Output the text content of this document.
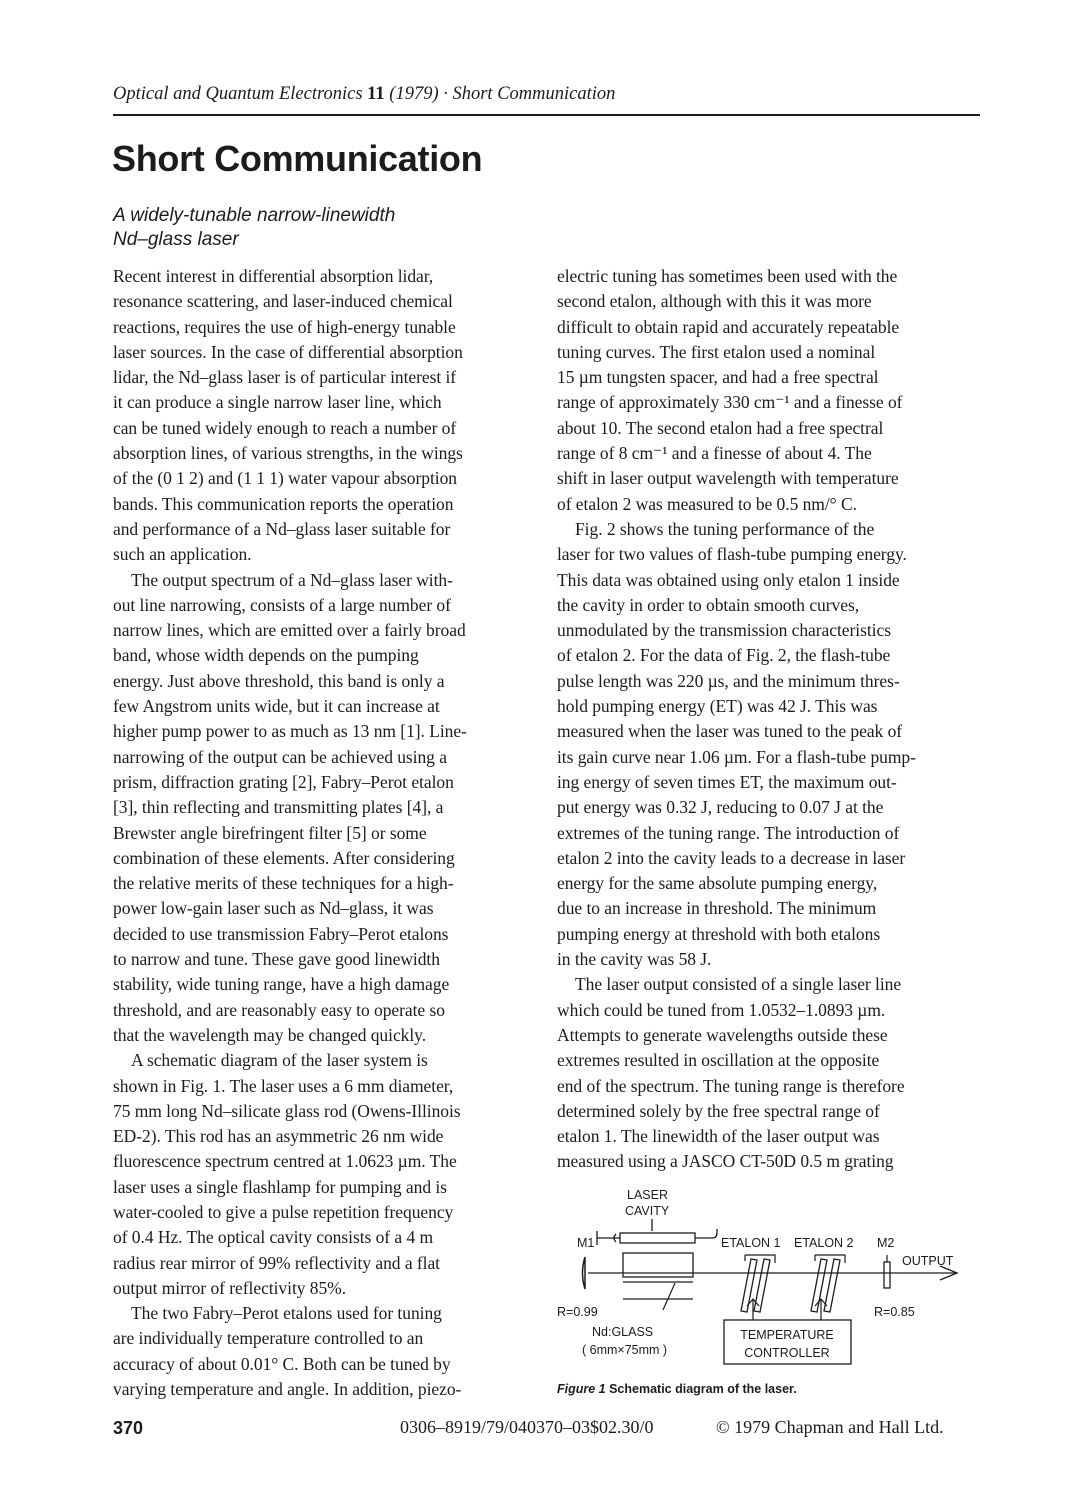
Optical and Quantum Electronics 11 (1979) · Short Communication
Short Communication
A widely-tunable narrow-linewidth
Nd–glass laser

Recent interest in differential absorption lidar,
resonance scattering, and laser-induced chemical
reactions, requires the use of high-energy tunable
laser sources. In the case of differential absorption
lidar, the Nd–glass laser is of particular interest if
it can produce a single narrow laser line, which
can be tuned widely enough to reach a number of
absorption lines, of various strengths, in the wings
of the (0 1 2) and (1 1 1) water vapour absorption
bands. This communication reports the operation
and performance of a Nd–glass laser suitable for
such an application.

The output spectrum of a Nd–glass laser with-
out line narrowing, consists of a large number of
narrow lines, which are emitted over a fairly broad
band, whose width depends on the pumping
energy. Just above threshold, this band is only a
few Angstrom units wide, but it can increase at
higher pump power to as much as 13 nm [1]. Line-
narrowing of the output can be achieved using a
prism, diffraction grating [2], Fabry–Perot etalon
[3], thin reflecting and transmitting plates [4], a
Brewster angle birefringent filter [5] or some
combination of these elements. After considering
the relative merits of these techniques for a high-
power low-gain laser such as Nd–glass, it was
decided to use transmission Fabry–Perot etalons
to narrow and tune. These gave good linewidth
stability, wide tuning range, have a high damage
threshold, and are reasonably easy to operate so
that the wavelength may be changed quickly.

A schematic diagram of the laser system is
shown in Fig. 1. The laser uses a 6 mm diameter,
75 mm long Nd–silicate glass rod (Owens-Illinois
ED-2). This rod has an asymmetric 26 nm wide
fluorescence spectrum centred at 1.0623 µm. The
laser uses a single flashlamp for pumping and is
water-cooled to give a pulse repetition frequency
of 0.4 Hz. The optical cavity consists of a 4 m
radius rear mirror of 99% reflectivity and a flat
output mirror of reflectivity 85%.

The two Fabry–Perot etalons used for tuning
are individually temperature controlled to an
accuracy of about 0.01° C. Both can be tuned by
varying temperature and angle. In addition, piezo-

electric tuning has sometimes been used with the
second etalon, although with this it was more
difficult to obtain rapid and accurately repeatable
tuning curves. The first etalon used a nominal
15 µm tungsten spacer, and had a free spectral
range of approximately 330 cm⁻¹ and a finesse of
about 10. The second etalon had a free spectral
range of 8 cm⁻¹ and a finesse of about 4. The
shift in laser output wavelength with temperature
of etalon 2 was measured to be 0.5 nm/° C.

Fig. 2 shows the tuning performance of the
laser for two values of flash-tube pumping energy.
This data was obtained using only etalon 1 inside
the cavity in order to obtain smooth curves,
unmodulated by the transmission characteristics
of etalon 2. For the data of Fig. 2, the flash-tube
pulse length was 220 µs, and the minimum thres-
hold pumping energy (ET) was 42 J. This was
measured when the laser was tuned to the peak of
its gain curve near 1.06 µm. For a flash-tube pump-
ing energy of seven times ET, the maximum out-
put energy was 0.32 J, reducing to 0.07 J at the
extremes of the tuning range. The introduction of
etalon 2 into the cavity leads to a decrease in laser
energy for the same absolute pumping energy,
due to an increase in threshold. The minimum
pumping energy at threshold with both etalons
in the cavity was 58 J.

The laser output consisted of a single laser line
which could be tuned from 1.0532–1.0893 µm.
Attempts to generate wavelengths outside these
extremes resulted in oscillation at the opposite
end of the spectrum. The tuning range is therefore
determined solely by the free spectral range of
etalon 1. The linewidth of the laser output was
measured using a JASCO CT-50D 0.5 m grating

LASER
CAVITY
M1	ETALON 1 ETALON 2 M2
OUTPUT
R=0.99	R=0.85
Nd:GLASS
( 6mm×75mm )
TEMPERATURE
CONTROLLER
Figure 1 Schematic diagram of the laser.
370	0306–8919/79/040370–03$02.30/0	© 1979 Chapman and Hall Ltd.
